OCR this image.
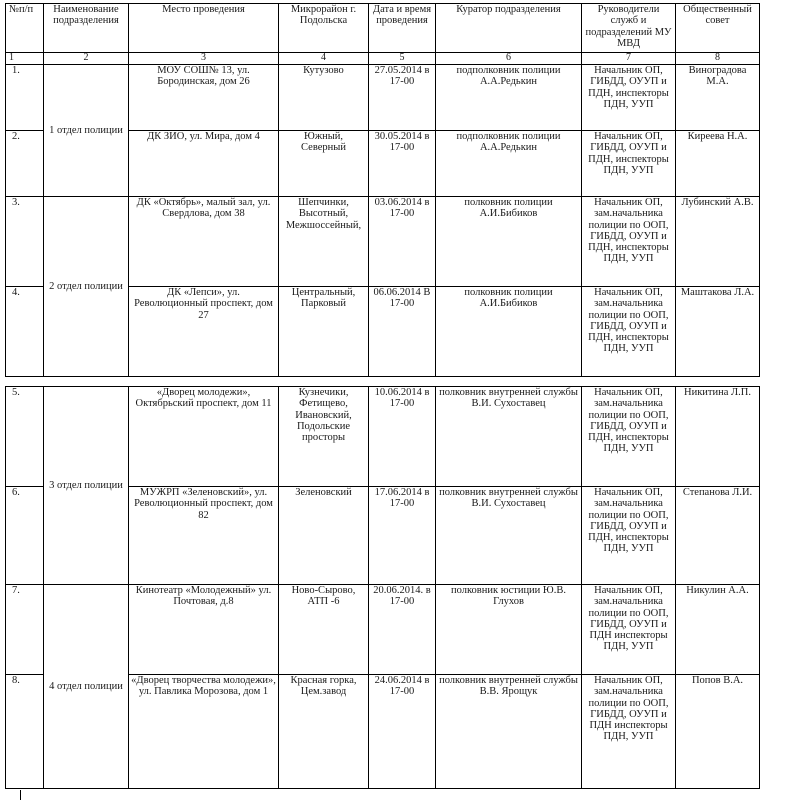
№п/п	Наименование подразделения	Место проведения	Микрорайон г. Подольска	Дата и время проведения	Куратор подразделения	Руководители служб и подразделений МУ МВД	Общественный совет
1	2	3	4	5	6	7	8
1.	1 отдел полиции	МОУ СОШ№ 13, ул. Бородинская, дом 26	Кутузово	27.05.2014 в 17-00	подполковник полиции А.А.Редькин	Начальник ОП, ГИБДД, ОУУП и ПДН, инспекторы ПДН, УУП	Виноградова М.А.
2.		ДК ЗИО, ул. Мира, дом 4	Южный, Северный	30.05.2014 в 17-00	подполковник полиции А.А.Редькин	Начальник ОП, ГИБДД, ОУУП и ПДН, инспекторы ПДН, УУП	Киреева Н.А.
3.	2 отдел полиции	ДК «Октябрь», малый зал, ул. Свердлова, дом 38	Шепчинки, Высотный, Межшоссейный,	03.06.2014 в 17-00	полковник полиции А.И.Бибиков	Начальник ОП, зам.начальника полиции по ООП, ГИБДД, ОУУП и ПДН, инспекторы ПДН, УУП	Лубинский А.В.
4.		ДК «Лепси», ул. Революционный проспект, дом 27	Центральный, Парковый	06.06.2014 В 17-00	полковник полиции А.И.Бибиков	Начальник ОП, зам.начальника полиции по ООП, ГИБДД, ОУУП и ПДН, инспекторы ПДН, УУП	Маштакова Л.А.
5.	3 отдел полиции	«Дворец молодежи», Октябрьский проспект, дом 11	Кузнечики, Фетищево, Ивановский, Подольские просторы	10.06.2014 в 17-00	полковник внутренней службы В.И. Сухоставец	Начальник ОП, зам.начальника полиции по ООП, ГИБДД, ОУУП и ПДН, инспекторы ПДН, УУП	Никитина Л.П.
6.		МУЖРП «Зеленовский», ул. Революционный проспект, дом 82	Зеленовский	17.06.2014 в 17-00	полковник внутренней службы В.И. Сухоставец	Начальник ОП, зам.начальника полиции по ООП, ГИБДД, ОУУП и ПДН, инспекторы ПДН, УУП	Степанова Л.И.
7.	4 отдел полиции	Кинотеатр «Молодежный» ул. Почтовая, д.8	Ново-Сырово, АТП -6	20.06.2014. в 17-00	полковник юстиции Ю.В. Глухов	Начальник ОП, зам.начальника полиции по ООП, ГИБДД, ОУУП и ПДН инспекторы ПДН, УУП	Никулин А.А.
8.		«Дворец творчества молодежи», ул. Павлика Морозова, дом 1	Красная горка, Цем.завод	24.06.2014 в 17-00	полковник внутренней службы В.В. Ярощук	Начальник ОП, зам.начальника полиции по ООП, ГИБДД, ОУУП и ПДН инспекторы ПДН, УУП	Попов В.А.
